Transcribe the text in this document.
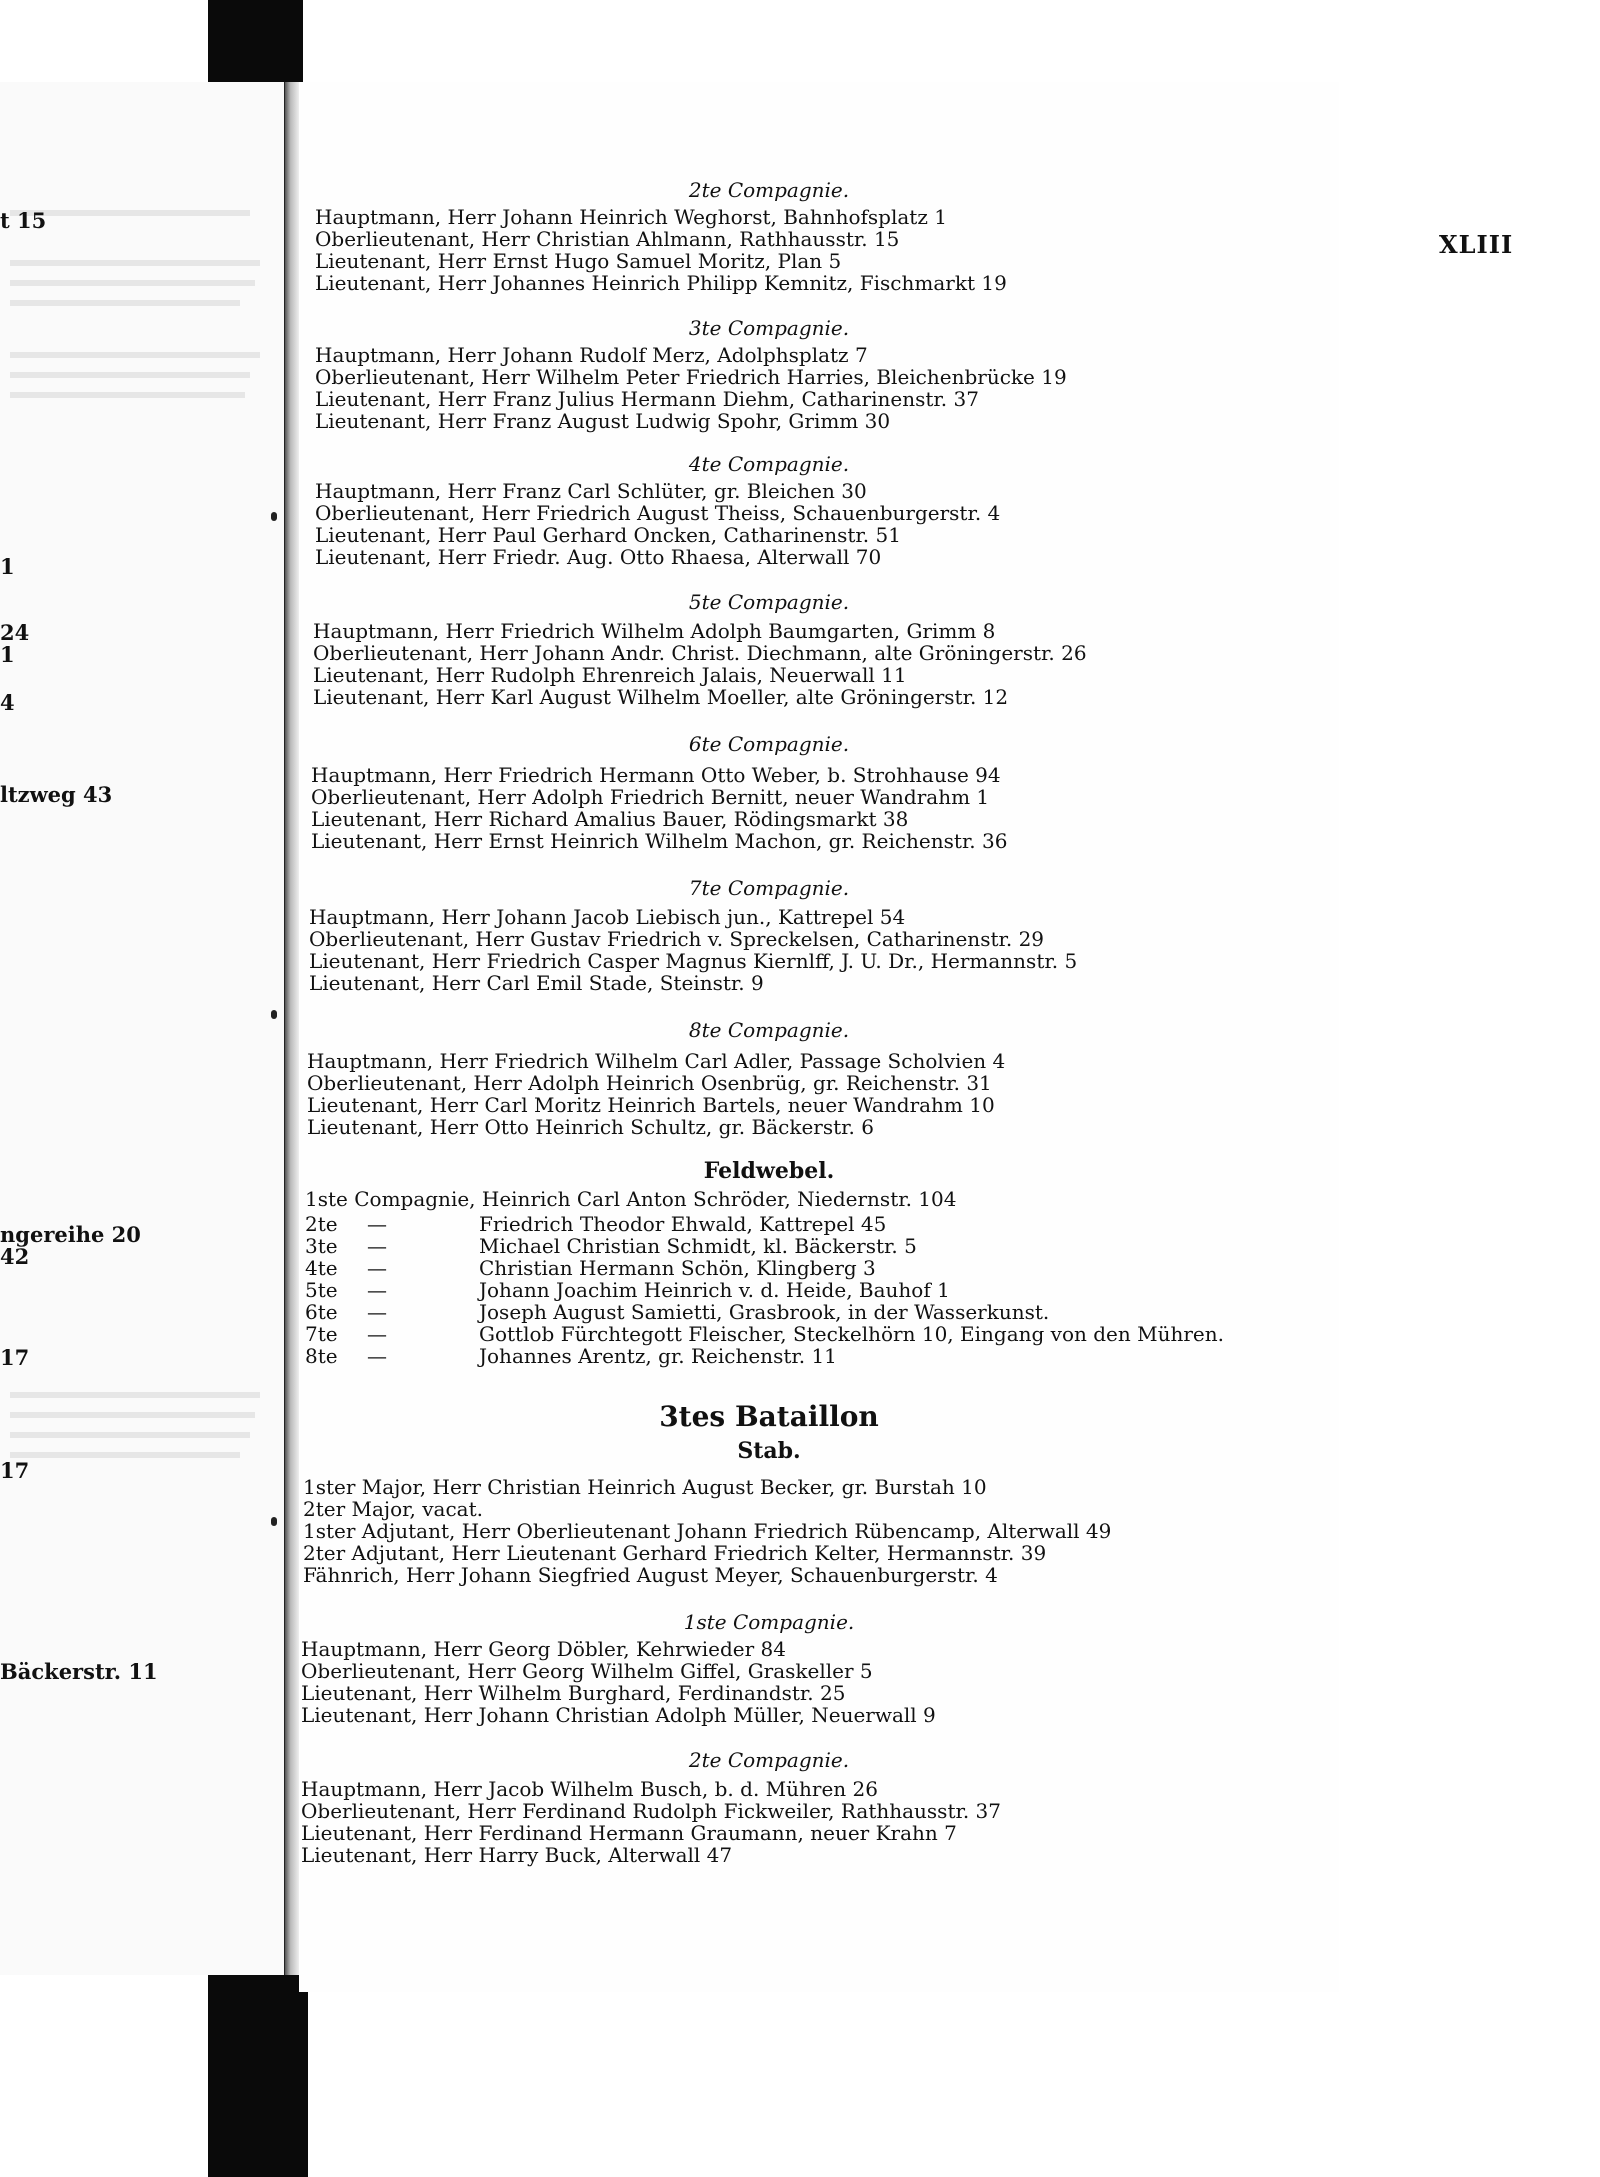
t 15
1
24
1
4
ltzweg 43
ngereihe 20
42
17
17
Bäckerstr. 11
XLIII
2te Compagnie.
Hauptmann, Herr Johann Heinrich Weghorst, Bahnhofsplatz 1
Oberlieutenant, Herr Christian Ahlmann, Rathhausstr. 15
Lieutenant, Herr Ernst Hugo Samuel Moritz, Plan 5
Lieutenant, Herr Johannes Heinrich Philipp Kemnitz, Fischmarkt 19
3te Compagnie.
Hauptmann, Herr Johann Rudolf Merz, Adolphsplatz 7
Oberlieutenant, Herr Wilhelm Peter Friedrich Harries, Bleichenbrücke 19
Lieutenant, Herr Franz Julius Hermann Diehm, Catharinenstr. 37
Lieutenant, Herr Franz August Ludwig Spohr, Grimm 30
4te Compagnie.
Hauptmann, Herr Franz Carl Schlüter, gr. Bleichen 30
Oberlieutenant, Herr Friedrich August Theiss, Schauenburgerstr. 4
Lieutenant, Herr Paul Gerhard Oncken, Catharinenstr. 51
Lieutenant, Herr Friedr. Aug. Otto Rhaesa, Alterwall 70
5te Compagnie.
Hauptmann, Herr Friedrich Wilhelm Adolph Baumgarten, Grimm 8
Oberlieutenant, Herr Johann Andr. Christ. Diechmann, alte Gröningerstr. 26
Lieutenant, Herr Rudolph Ehrenreich Jalais, Neuerwall 11
Lieutenant, Herr Karl August Wilhelm Moeller, alte Gröningerstr. 12
6te Compagnie.
Hauptmann, Herr Friedrich Hermann Otto Weber, b. Strohhause 94
Oberlieutenant, Herr Adolph Friedrich Bernitt, neuer Wandrahm 1
Lieutenant, Herr Richard Amalius Bauer, Rödingsmarkt 38
Lieutenant, Herr Ernst Heinrich Wilhelm Machon, gr. Reichenstr. 36
7te Compagnie.
Hauptmann, Herr Johann Jacob Liebisch jun., Kattrepel 54
Oberlieutenant, Herr Gustav Friedrich v. Spreckelsen, Catharinenstr. 29
Lieutenant, Herr Friedrich Casper Magnus Kiernlff, J. U. Dr., Hermannstr. 5
Lieutenant, Herr Carl Emil Stade, Steinstr. 9
8te Compagnie.
Hauptmann, Herr Friedrich Wilhelm Carl Adler, Passage Scholvien 4
Oberlieutenant, Herr Adolph Heinrich Osenbrüg, gr. Reichenstr. 31
Lieutenant, Herr Carl Moritz Heinrich Bartels, neuer Wandrahm 10
Lieutenant, Herr Otto Heinrich Schultz, gr. Bäckerstr. 6
Feldwebel.
1ste Compagnie, Heinrich Carl Anton Schröder, Niedernstr. 104
2te —	Friedrich Theodor Ehwald, Kattrepel 45
3te —	Michael Christian Schmidt, kl. Bäckerstr. 5
4te —	Christian Hermann Schön, Klingberg 3
5te —	Johann Joachim Heinrich v. d. Heide, Bauhof 1
6te —	Joseph August Samietti, Grasbrook, in der Wasserkunst.
7te —	Gottlob Fürchtegott Fleischer, Steckelhörn 10, Eingang von den Mühren.
8te —	Johannes Arentz, gr. Reichenstr. 11
3tes Bataillon
Stab.
1ster Major, Herr Christian Heinrich August Becker, gr. Burstah 10
2ter Major, vacat.
1ster Adjutant, Herr Oberlieutenant Johann Friedrich Rübencamp, Alterwall 49
2ter Adjutant, Herr Lieutenant Gerhard Friedrich Kelter, Hermannstr. 39
Fähnrich, Herr Johann Siegfried August Meyer, Schauenburgerstr. 4
1ste Compagnie.
Hauptmann, Herr Georg Döbler, Kehrwieder 84
Oberlieutenant, Herr Georg Wilhelm Giffel, Graskeller 5
Lieutenant, Herr Wilhelm Burghard, Ferdinandstr. 25
Lieutenant, Herr Johann Christian Adolph Müller, Neuerwall 9
2te Compagnie.
Hauptmann, Herr Jacob Wilhelm Busch, b. d. Mühren 26
Oberlieutenant, Herr Ferdinand Rudolph Fickweiler, Rathhausstr. 37
Lieutenant, Herr Ferdinand Hermann Graumann, neuer Krahn 7
Lieutenant, Herr Harry Buck, Alterwall 47
